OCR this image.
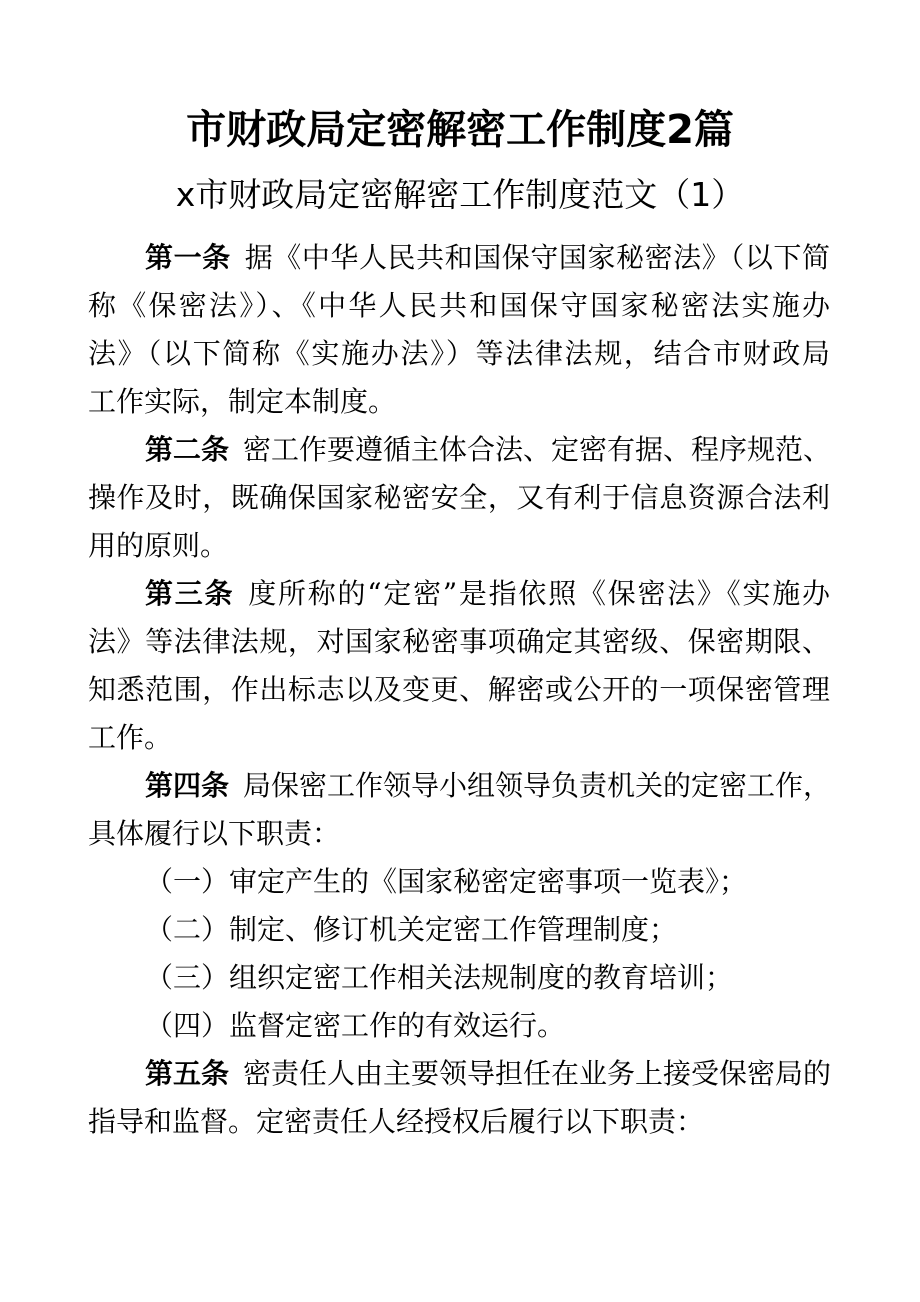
市财政局定密解密工作制度2篇
x市财政局定密解密工作制度范文（1）
第一条 据《中华人民共和国保守国家秘密法》（以下简
称《保密法》）、《中华人民共和国保守国家秘密法实施办
法》（以下简称《实施办法》）等法律法规，结合市财政局
工作实际，制定本制度。
第二条 密工作要遵循主体合法、定密有据、程序规范、
操作及时，既确保国家秘密安全，又有利于信息资源合法利
用的原则。
第三条 度所称的“定密”是指依照《保密法》《实施办
法》等法律法规，对国家秘密事项确定其密级、保密期限、
知悉范围，作出标志以及变更、解密或公开的一项保密管理
工作。
第四条 局保密工作领导小组领导负责机关的定密工作，
具体履行以下职责：
（一）审定产生的《国家秘密定密事项一览表》；
（二）制定、修订机关定密工作管理制度；
（三）组织定密工作相关法规制度的教育培训；
（四）监督定密工作的有效运行。
第五条 密责任人由主要领导担任在业务上接受保密局的
指导和监督。定密责任人经授权后履行以下职责：
